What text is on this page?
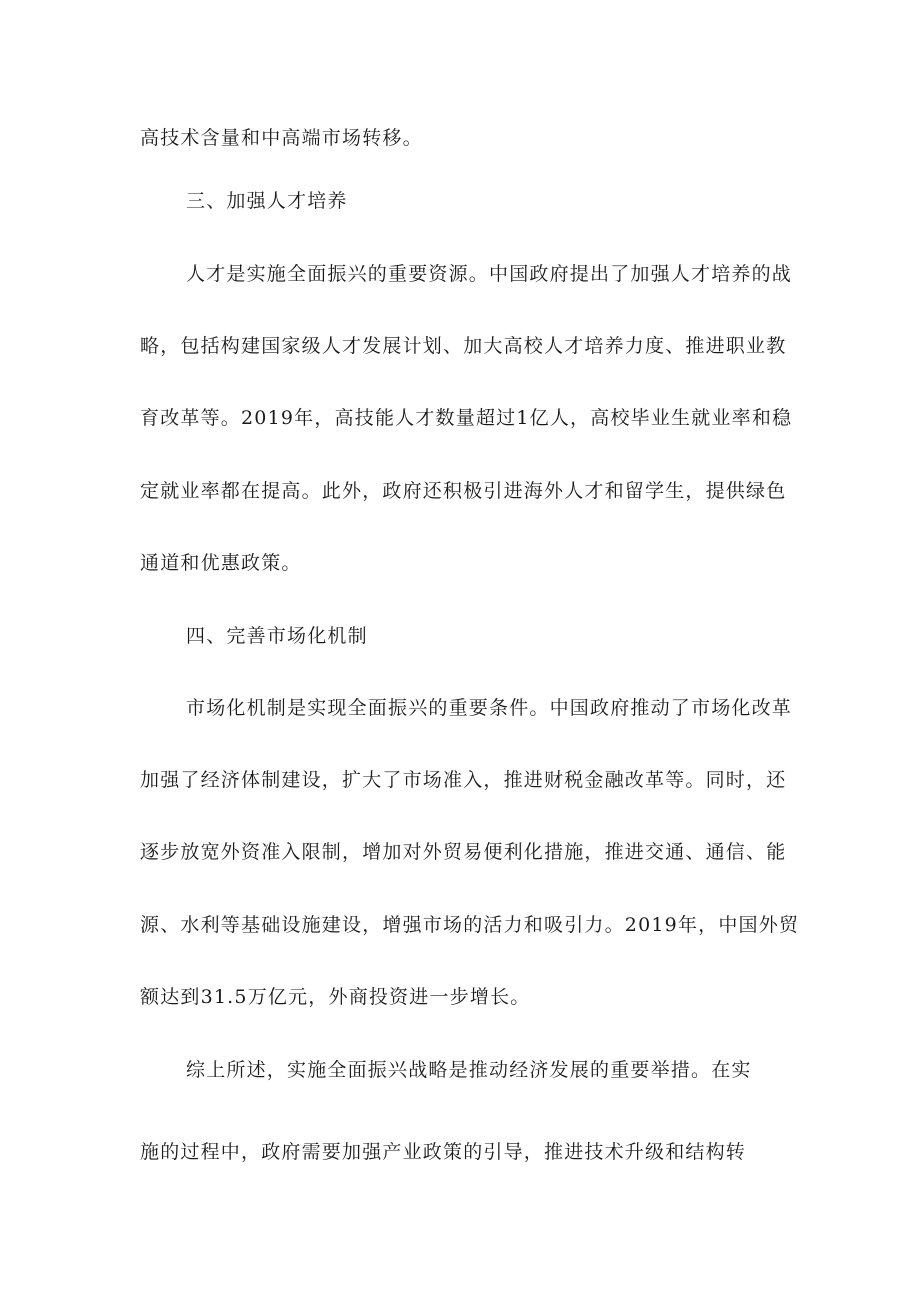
高技术含量和中高端市场转移。
三、加强人才培养
人才是实施全面振兴的重要资源。中国政府提出了加强人才培养的战
略，包括构建国家级人才发展计划、加大高校人才培养力度、推进职业教
育改革等。2019年，高技能人才数量超过1亿人，高校毕业生就业率和稳
定就业率都在提高。此外，政府还积极引进海外人才和留学生，提供绿色
通道和优惠政策。
四、完善市场化机制
市场化机制是实现全面振兴的重要条件。中国政府推动了市场化改革
加强了经济体制建设，扩大了市场准入，推进财税金融改革等。同时，还
逐步放宽外资准入限制，增加对外贸易便利化措施，推进交通、通信、能
源、水利等基础设施建设，增强市场的活力和吸引力。2019年，中国外贸
额达到31.5万亿元，外商投资进一步增长。
综上所述，实施全面振兴战略是推动经济发展的重要举措。在实
施的过程中，政府需要加强产业政策的引导，推进技术升级和结构转
